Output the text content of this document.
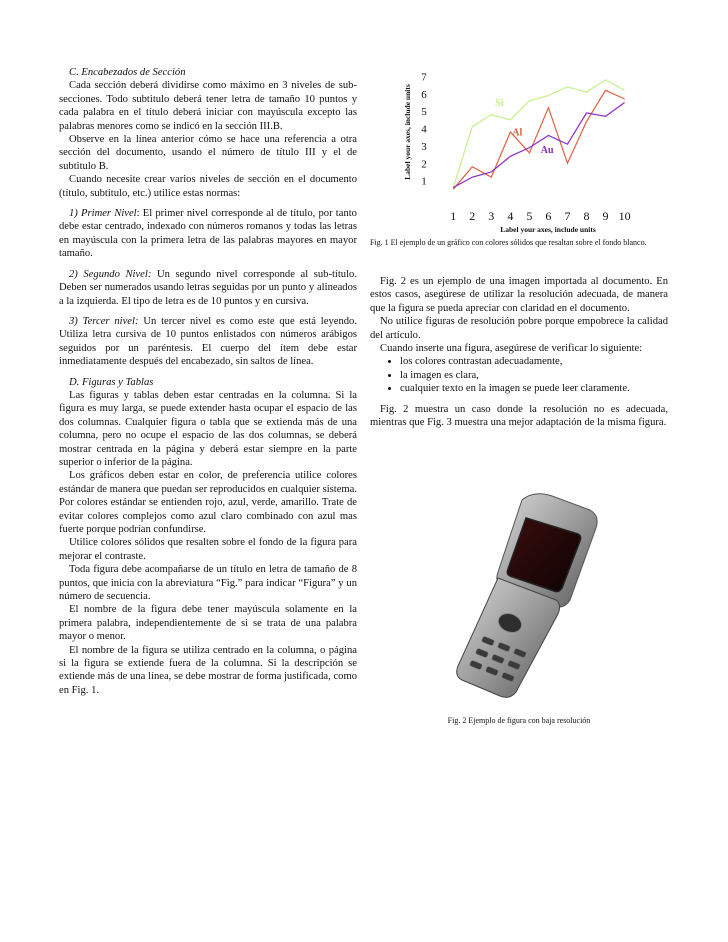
C. Encabezados de Sección

Cada sección deberá dividirse como máximo en 3 niveles de sub-secciones. Todo subtitulo deberá tener letra de tamaño 10 puntos y cada palabra en el título deberá iniciar con mayúscula excepto las palabras menores como se indicó en la sección III.B.

Observe en la línea anterior cómo se hace una referencia a otra sección del documento, usando el número de título III y el de subtitulo B.

Cuando necesite crear varios niveles de sección en el documento (título, subtitulo, etc.) utilice estas normas:

1) Primer Nivel: El primer nivel corresponde al de título, por tanto debe estar centrado, indexado con números romanos y todas las letras en mayúscula con la primera letra de las palabras mayores en mayor tamaño.

2) Segundo Nivel: Un segundo nivel corresponde al sub-título. Deben ser numerados usando letras seguidas por un punto y alineados a la izquierda. El tipo de letra es de 10 puntos y en cursiva.

3) Tercer nivel: Un tercer nivel es como este que está leyendo. Utiliza letra cursiva de 10 puntos enlistados con números arábigos seguidos por un paréntesis. El cuerpo del ítem debe estar inmediatamente después del encabezado, sin saltos de línea.

D. Figuras y Tablas

Las figuras y tablas deben estar centradas en la columna. Si la figura es muy larga, se puede extender hasta ocupar el espacio de las dos columnas. Cualquier figura o tabla que se extienda más de una columna, pero no ocupe el espacio de las dos columnas, se deberá mostrar centrada en la página y deberá estar siempre en la parte superior o inferior de la página.

Los gráficos deben estar en color, de preferencia utilice colores estándar de manera que puedan ser reproducidos en cualquier sistema. Por colores estándar se entienden rojo, azul, verde, amarillo. Trate de evitar colores complejos como azul claro combinado con azul mas fuerte porque podrían confundirse.

Utilice colores sólidos que resalten sobre el fondo de la figura para mejorar el contraste.

Toda figura debe acompañarse de un título en letra de tamaño de 8 puntos, que inicia con la abreviatura “Fig.” para indicar “Figura” y un número de secuencia.

El nombre de la figura debe tener mayúscula solamente en la primera palabra, independientemente de si se trata de una palabra mayor o menor.

El nombre de la figura se utiliza centrado en la columna, o página si la figura se extiende fuera de la columna. Si la descripción se extiende más de una línea, se debe mostrar de forma justificada, como en Fig. 1.

1
2
3
4
5
6
7
1 2 3 4 5 6 7 8 9 10
Label your axes, include units
Label your axes, include units	Si
Al
Au
Fig. 1 El ejemplo de un gráfico con colores sólidos que resaltan sobre el fondo blanco.

Fig. 2 es un ejemplo de una imagen importada al documento. En estos casos, asegúrese de utilizar la resolución adecuada, de manera que la figura se pueda apreciar con claridad en el documento.

No utilice figuras de resolución pobre porque empobrece la calidad del artículo.

Cuando inserte una figura, asegúrese de verificar lo siguiente:

• los colores contrastan adecuadamente,
• la imagen es clara,
• cualquier texto en la imagen se puede leer claramente.

Fig. 2 muestra un caso donde la resolución no es adecuada, mientras que Fig. 3 muestra una mejor adaptación de la misma figura.

Fig. 2 Ejemplo de figura con baja resolución
